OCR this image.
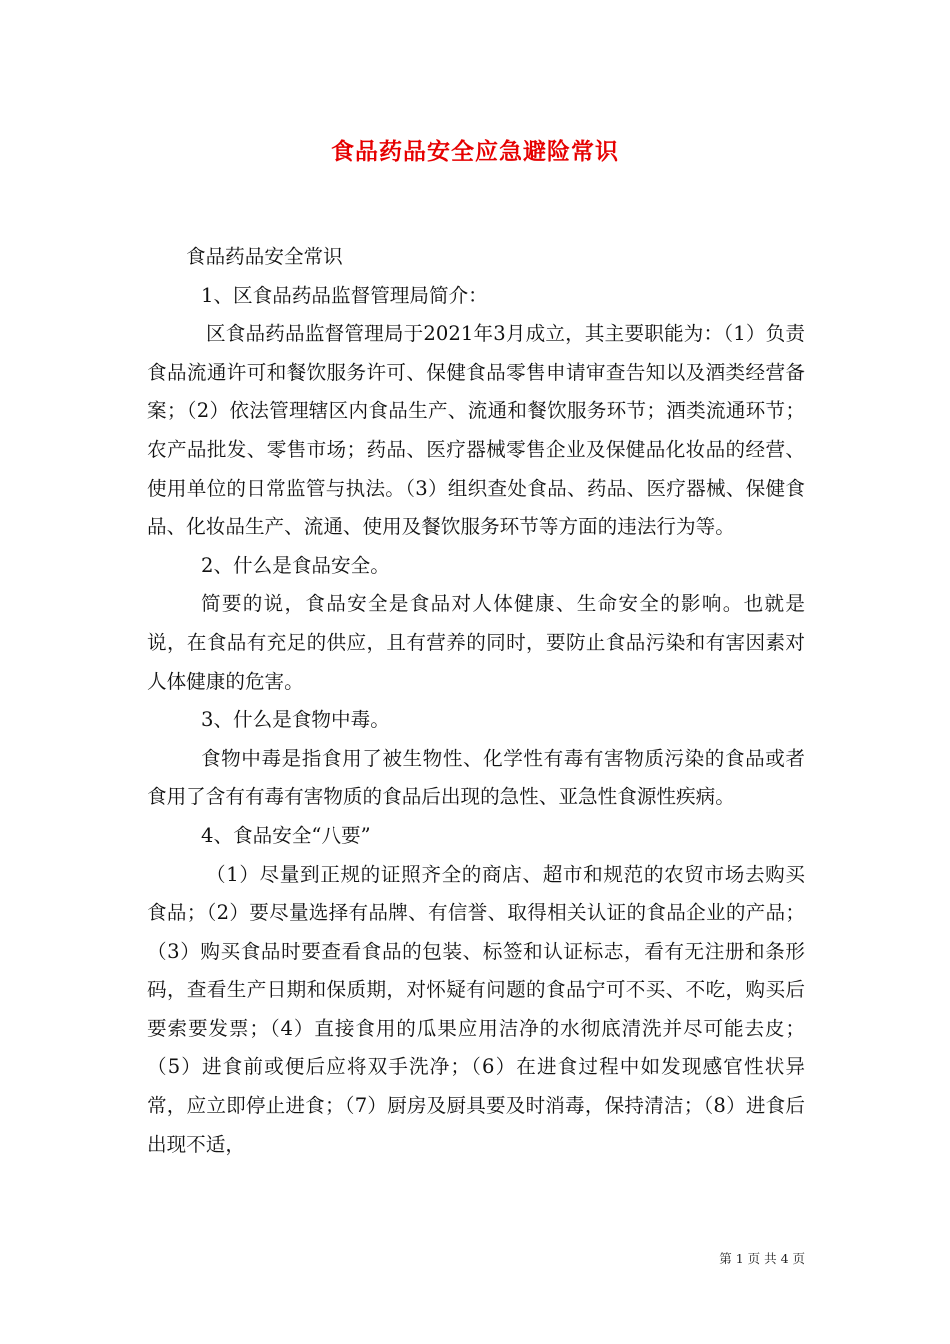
食品药品安全应急避险常识

食品药品安全常识

1、区食品药品监督管理局简介：

区食品药品监督管理局于2021年3月成立，其主要职能为：（1）负责食品流通许可和餐饮服务许可、保健食品零售申请审查告知以及酒类经营备案；（2）依法管理辖区内食品生产、流通和餐饮服务环节；酒类流通环节；农产品批发、零售市场；药品、医疗器械零售企业及保健品化妆品的经营、使用单位的日常监管与执法。（3）组织查处食品、药品、医疗器械、保健食品、化妆品生产、流通、使用及餐饮服务环节等方面的违法行为等。

2、什么是食品安全。

简要的说，食品安全是食品对人体健康、生命安全的影响。也就是说，在食品有充足的供应，且有营养的同时，要防止食品污染和有害因素对人体健康的危害。

3、什么是食物中毒。

食物中毒是指食用了被生物性、化学性有毒有害物质污染的食品或者食用了含有有毒有害物质的食品后出现的急性、亚急性食源性疾病。

4、食品安全“八要”

（1）尽量到正规的证照齐全的商店、超市和规范的农贸市场去购买食品；（2）要尽量选择有品牌、有信誉、取得相关认证的食品企业的产品；（3）购买食品时要查看食品的包装、标签和认证标志，看有无注册和条形码，查看生产日期和保质期，对怀疑有问题的食品宁可不买、不吃，购买后要索要发票；（4）直接食用的瓜果应用洁净的水彻底清洗并尽可能去皮；（5）进食前或便后应将双手洗净；（6）在进食过程中如发现感官性状异常，应立即停止进食；（7）厨房及厨具要及时消毒，保持清洁；（8）进食后出现不适，

第 1 页 共 4 页
